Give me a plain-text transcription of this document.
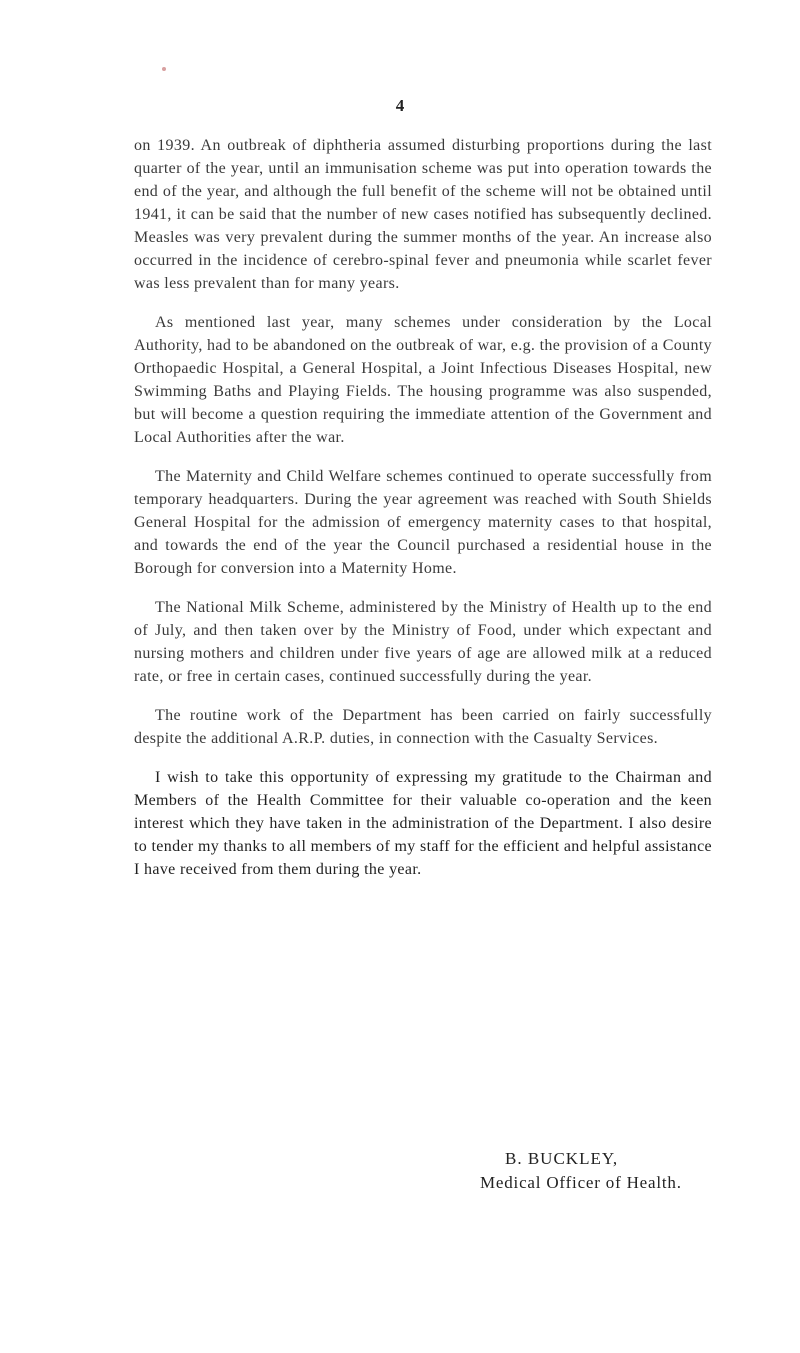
4

on 1939. An outbreak of diphtheria assumed disturbing proportions during the last quarter of the year, until an immunisation scheme was put into operation towards the end of the year, and although the full benefit of the scheme will not be obtained until 1941, it can be said that the number of new cases notified has subsequently declined. Measles was very prevalent during the summer months of the year. An increase also occurred in the incidence of cerebro-spinal fever and pneumonia while scarlet fever was less prevalent than for many years.

As mentioned last year, many schemes under consideration by the Local Authority, had to be abandoned on the outbreak of war, e.g. the provision of a County Orthopaedic Hospital, a General Hospital, a Joint Infectious Diseases Hospital, new Swimming Baths and Playing Fields. The housing programme was also suspended, but will become a question requiring the immediate attention of the Government and Local Authorities after the war.

The Maternity and Child Welfare schemes continued to operate successfully from temporary headquarters. During the year agreement was reached with South Shields General Hospital for the admission of emergency maternity cases to that hospital, and towards the end of the year the Council purchased a residential house in the Borough for conversion into a Maternity Home.

The National Milk Scheme, administered by the Ministry of Health up to the end of July, and then taken over by the Ministry of Food, under which expectant and nursing mothers and children under five years of age are allowed milk at a reduced rate, or free in certain cases, continued successfully during the year.

The routine work of the Department has been carried on fairly successfully despite the additional A.R.P. duties, in connection with the Casualty Services.

I wish to take this opportunity of expressing my gratitude to the Chairman and Members of the Health Committee for their valuable co-operation and the keen interest which they have taken in the administration of the Department. I also desire to tender my thanks to all members of my staff for the efficient and helpful assistance I have received from them during the year.

B. BUCKLEY,
Medical Officer of Health.
